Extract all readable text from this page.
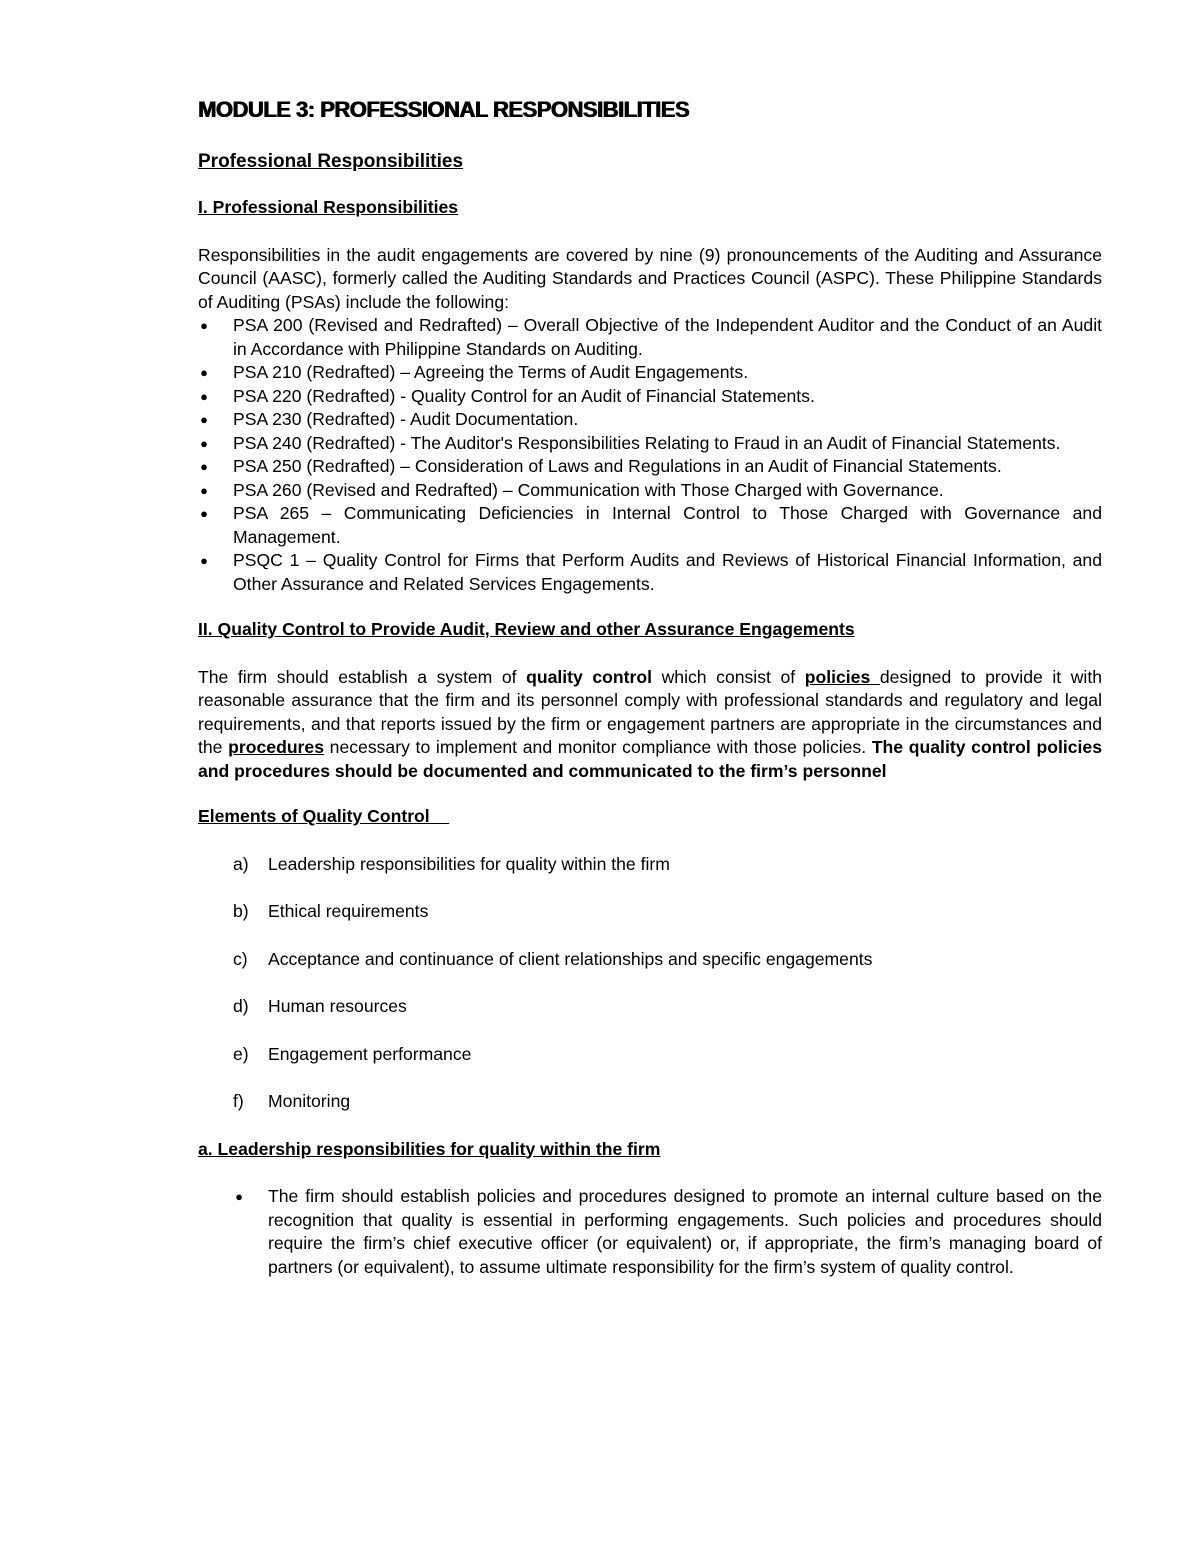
MODULE 3: PROFESSIONAL RESPONSIBILITIES
Professional Responsibilities

I. Professional Responsibilities

Responsibilities in the audit engagements are covered by nine (9) pronouncements of the Auditing and Assurance Council (AASC), formerly called the Auditing Standards and Practices Council (ASPC). These Philippine Standards of Auditing (PSAs) include the following:

● PSA 200 (Revised and Redrafted) – Overall Objective of the Independent Auditor and the Conduct of an Audit in Accordance with Philippine Standards on Auditing.
● PSA 210 (Redrafted) – Agreeing the Terms of Audit Engagements.
● PSA 220 (Redrafted) - Quality Control for an Audit of Financial Statements.
● PSA 230 (Redrafted) - Audit Documentation.
● PSA 240 (Redrafted) - The Auditor's Responsibilities Relating to Fraud in an Audit of Financial Statements.
● PSA 250 (Redrafted) – Consideration of Laws and Regulations in an Audit of Financial Statements.
● PSA 260 (Revised and Redrafted) – Communication with Those Charged with Governance.
● PSA 265 – Communicating Deficiencies in Internal Control to Those Charged with Governance and Management.
● PSQC 1 – Quality Control for Firms that Perform Audits and Reviews of Historical Financial Information, and Other Assurance and Related Services Engagements.

II. Quality Control to Provide Audit, Review and other Assurance Engagements

The firm should establish a system of quality control which consist of policies designed to provide it with reasonable assurance that the firm and its personnel comply with professional standards and regulatory and legal requirements, and that reports issued by the firm or engagement partners are appropriate in the circumstances and the procedures necessary to implement and monitor compliance with those policies. The quality control policies and procedures should be documented and communicated to the firm’s personnel

Elements of Quality Control

a) Leadership responsibilities for quality within the firm
b) Ethical requirements
c) Acceptance and continuance of client relationships and specific engagements
d) Human resources
e) Engagement performance
f) Monitoring

a. Leadership responsibilities for quality within the firm

● The firm should establish policies and procedures designed to promote an internal culture based on the recognition that quality is essential in performing engagements. Such policies and procedures should require the firm’s chief executive officer (or equivalent) or, if appropriate, the firm’s managing board of partners (or equivalent), to assume ultimate responsibility for the firm’s system of quality control.
